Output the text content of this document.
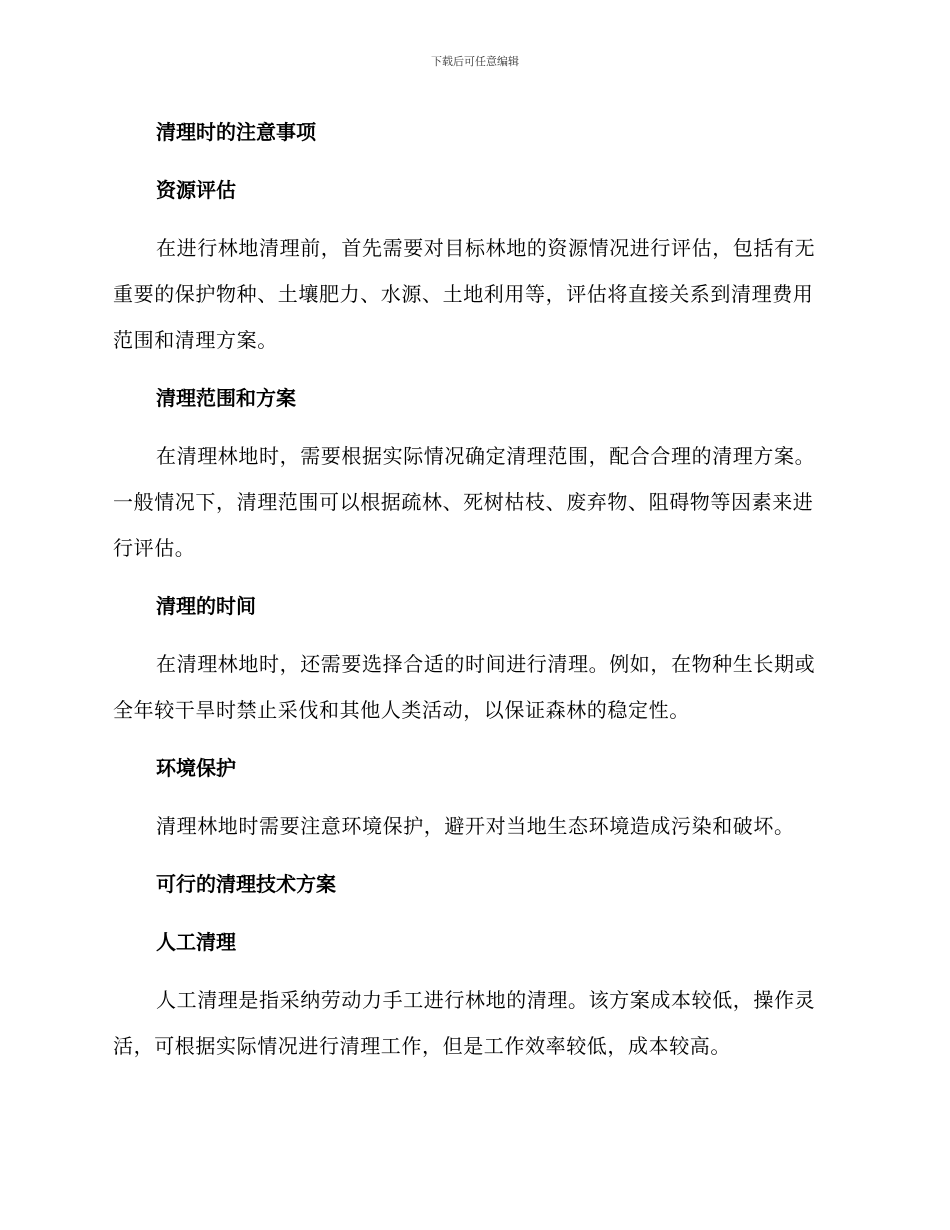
下载后可任意编辑
清理时的注意事项
资源评估

在进行林地清理前，首先需要对目标林地的资源情况进行评估，包括有无重要的保护物种、土壤肥力、水源、土地利用等，评估将直接关系到清理费用范围和清理方案。

清理范围和方案

在清理林地时，需要根据实际情况确定清理范围，配合合理的清理方案。一般情况下，清理范围可以根据疏林、死树枯枝、废弃物、阻碍物等因素来进行评估。

清理的时间

在清理林地时，还需要选择合适的时间进行清理。例如，在物种生长期或全年较干旱时禁止采伐和其他人类活动，以保证森林的稳定性。

环境保护

清理林地时需要注意环境保护，避开对当地生态环境造成污染和破坏。

可行的清理技术方案
人工清理

人工清理是指采纳劳动力手工进行林地的清理。该方案成本较低，操作灵活，可根据实际情况进行清理工作，但是工作效率较低，成本较高。
